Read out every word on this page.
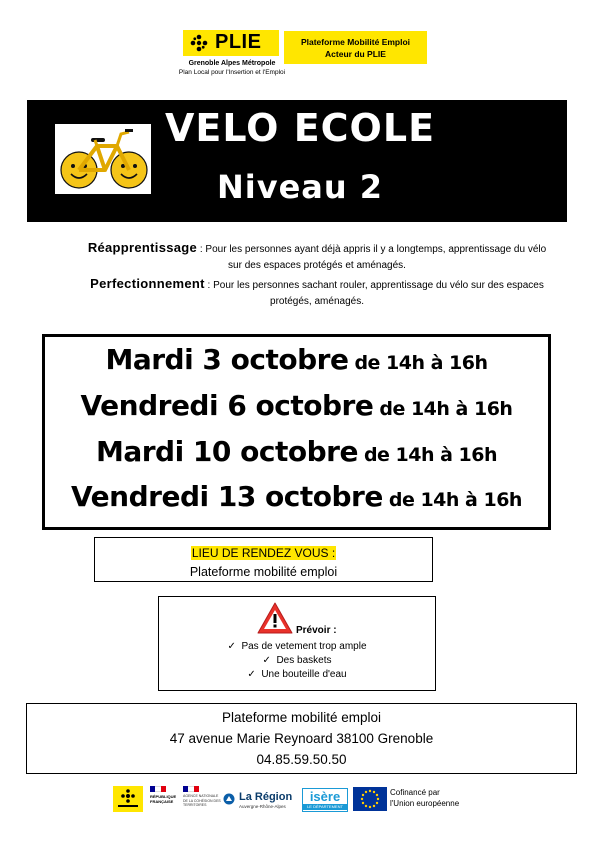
PLIE
Grenoble Alpes Métropole
Plan Local pour l'Insertion et l'Emploi
Plateforme Mobilité Emploi
Acteur du PLIE
VELO ECOLE
Niveau 2
Réapprentissage : Pour les personnes ayant déjà appris il y a longtemps, apprentissage du vélo
sur des espaces protégés et aménagés.
Perfectionnement : Pour les personnes sachant rouler, apprentissage du vélo sur des espaces
protégés, aménagés.
Mardi 3 octobre de 14h à 16h
Vendredi 6 octobre de 14h à 16h
Mardi 10 octobre de 14h à 16h
Vendredi 13 octobre de 14h à 16h
LIEU DE RENDEZ VOUS :
Plateforme mobilité emploi
Prévoir :
✓ Pas de vetement trop ample
✓ Des baskets
✓ Une bouteille d'eau
Plateforme mobilité emploi
47 avenue Marie Reynoard 38100 Grenoble
04.85.59.50.50
RÉPUBLIQUE FRANÇAISE
AGENCE NATIONALE DE LA COHÉSION DES TERRITOIRES
La Région
Auvergne-Rhône-Alpes
isère
LE DÉPARTEMENT
Cofinancé par
l'Union européenne
